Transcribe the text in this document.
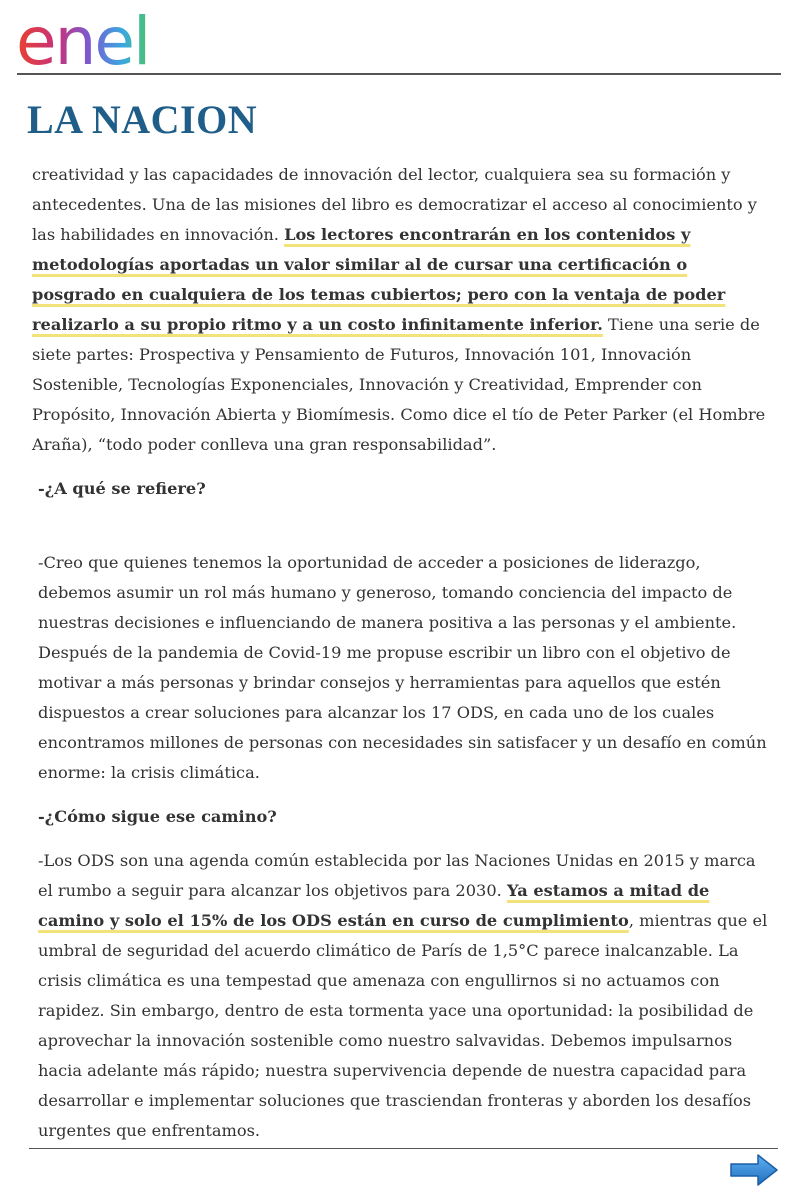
enel
LA NACION

creatividad y las capacidades de innovación del lector, cualquiera sea su formación y antecedentes. Una de las misiones del libro es democratizar el acceso al conocimiento y las habilidades en innovación. Los lectores encontrarán en los contenidos y metodologías aportadas un valor similar al de cursar una certificación o posgrado en cualquiera de los temas cubiertos; pero con la ventaja de poder realizarlo a su propio ritmo y a un costo infinitamente inferior. Tiene una serie de siete partes: Prospectiva y Pensamiento de Futuros, Innovación 101, Innovación Sostenible, Tecnologías Exponenciales, Innovación y Creatividad, Emprender con Propósito, Innovación Abierta y Biomímesis. Como dice el tío de Peter Parker (el Hombre Araña), “todo poder conlleva una gran responsabilidad”.

-¿A qué se refiere?

-Creo que quienes tenemos la oportunidad de acceder a posiciones de liderazgo, debemos asumir un rol más humano y generoso, tomando conciencia del impacto de nuestras decisiones e influenciando de manera positiva a las personas y el ambiente. Después de la pandemia de Covid-19 me propuse escribir un libro con el objetivo de motivar a más personas y brindar consejos y herramientas para aquellos que estén dispuestos a crear soluciones para alcanzar los 17 ODS, en cada uno de los cuales encontramos millones de personas con necesidades sin satisfacer y un desafío en común enorme: la crisis climática.

-¿Cómo sigue ese camino?

-Los ODS son una agenda común establecida por las Naciones Unidas en 2015 y marca el rumbo a seguir para alcanzar los objetivos para 2030. Ya estamos a mitad de camino y solo el 15% de los ODS están en curso de cumplimiento, mientras que el umbral de seguridad del acuerdo climático de París de 1,5°C parece inalcanzable. La crisis climática es una tempestad que amenaza con engullirnos si no actuamos con rapidez. Sin embargo, dentro de esta tormenta yace una oportunidad: la posibilidad de aprovechar la innovación sostenible como nuestro salvavidas. Debemos impulsarnos hacia adelante más rápido; nuestra supervivencia depende de nuestra capacidad para desarrollar e implementar soluciones que trasciendan fronteras y aborden los desafíos urgentes que enfrentamos.
